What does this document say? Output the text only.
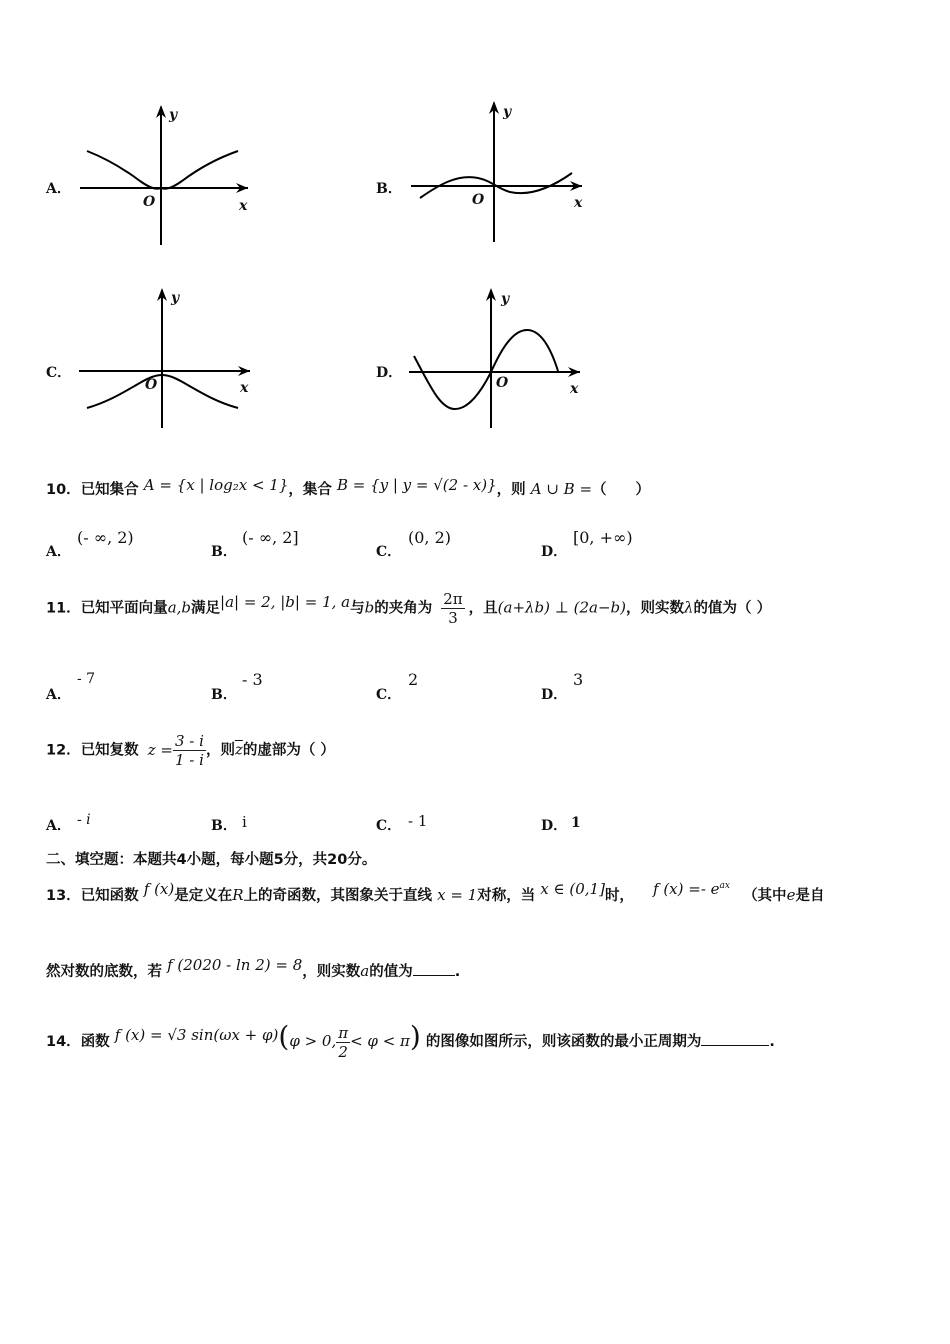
A．
y
x
O
B．
y
x
O
C．
y
x
O
D．
y
x
O
10．已知集合 A = {x | log₂x < 1}，集合 B = {y | y = √(2 - x)}，则 A ∪ B =（　　）
A．
(- ∞, 2)
B．
(- ∞, 2]
C．
(0, 2)
D．
[0, +∞)
11．已知平面向量a,b满足|a| = 2, |b| = 1, a与b的夹角为 $\frac{2\pi}{3}$ ，且(a+λb) ⊥ (2a−b)，则实数λ的值为（ ）
A．
- 7
B．
- 3
C．
2
D．
3
12．已知复数 $z = \frac{3 - i}{1 - i}$ ，则$\overline{z}$的虚部为（ ）
A． - i	B． i	C． - 1	D． 1
二、填空题：本题共4小题，每小题5分，共20分。
13．已知函数 f (x)是定义在R上的奇函数，其图象关于直线 x = 1对称，当 x ∈ (0,1]时， f $(x) =- e^{ax}$ （其中e是自
然对数的底数，若 f (2020 - ln 2) = 8，则实数a的值为	.
14．函数 f (x) = √3 sin(ωx + φ)(φ > 0, $\frac{\pi}{2} < \varphi < \pi$) 的图像如图所示，则该函数的最小正周期为	.
